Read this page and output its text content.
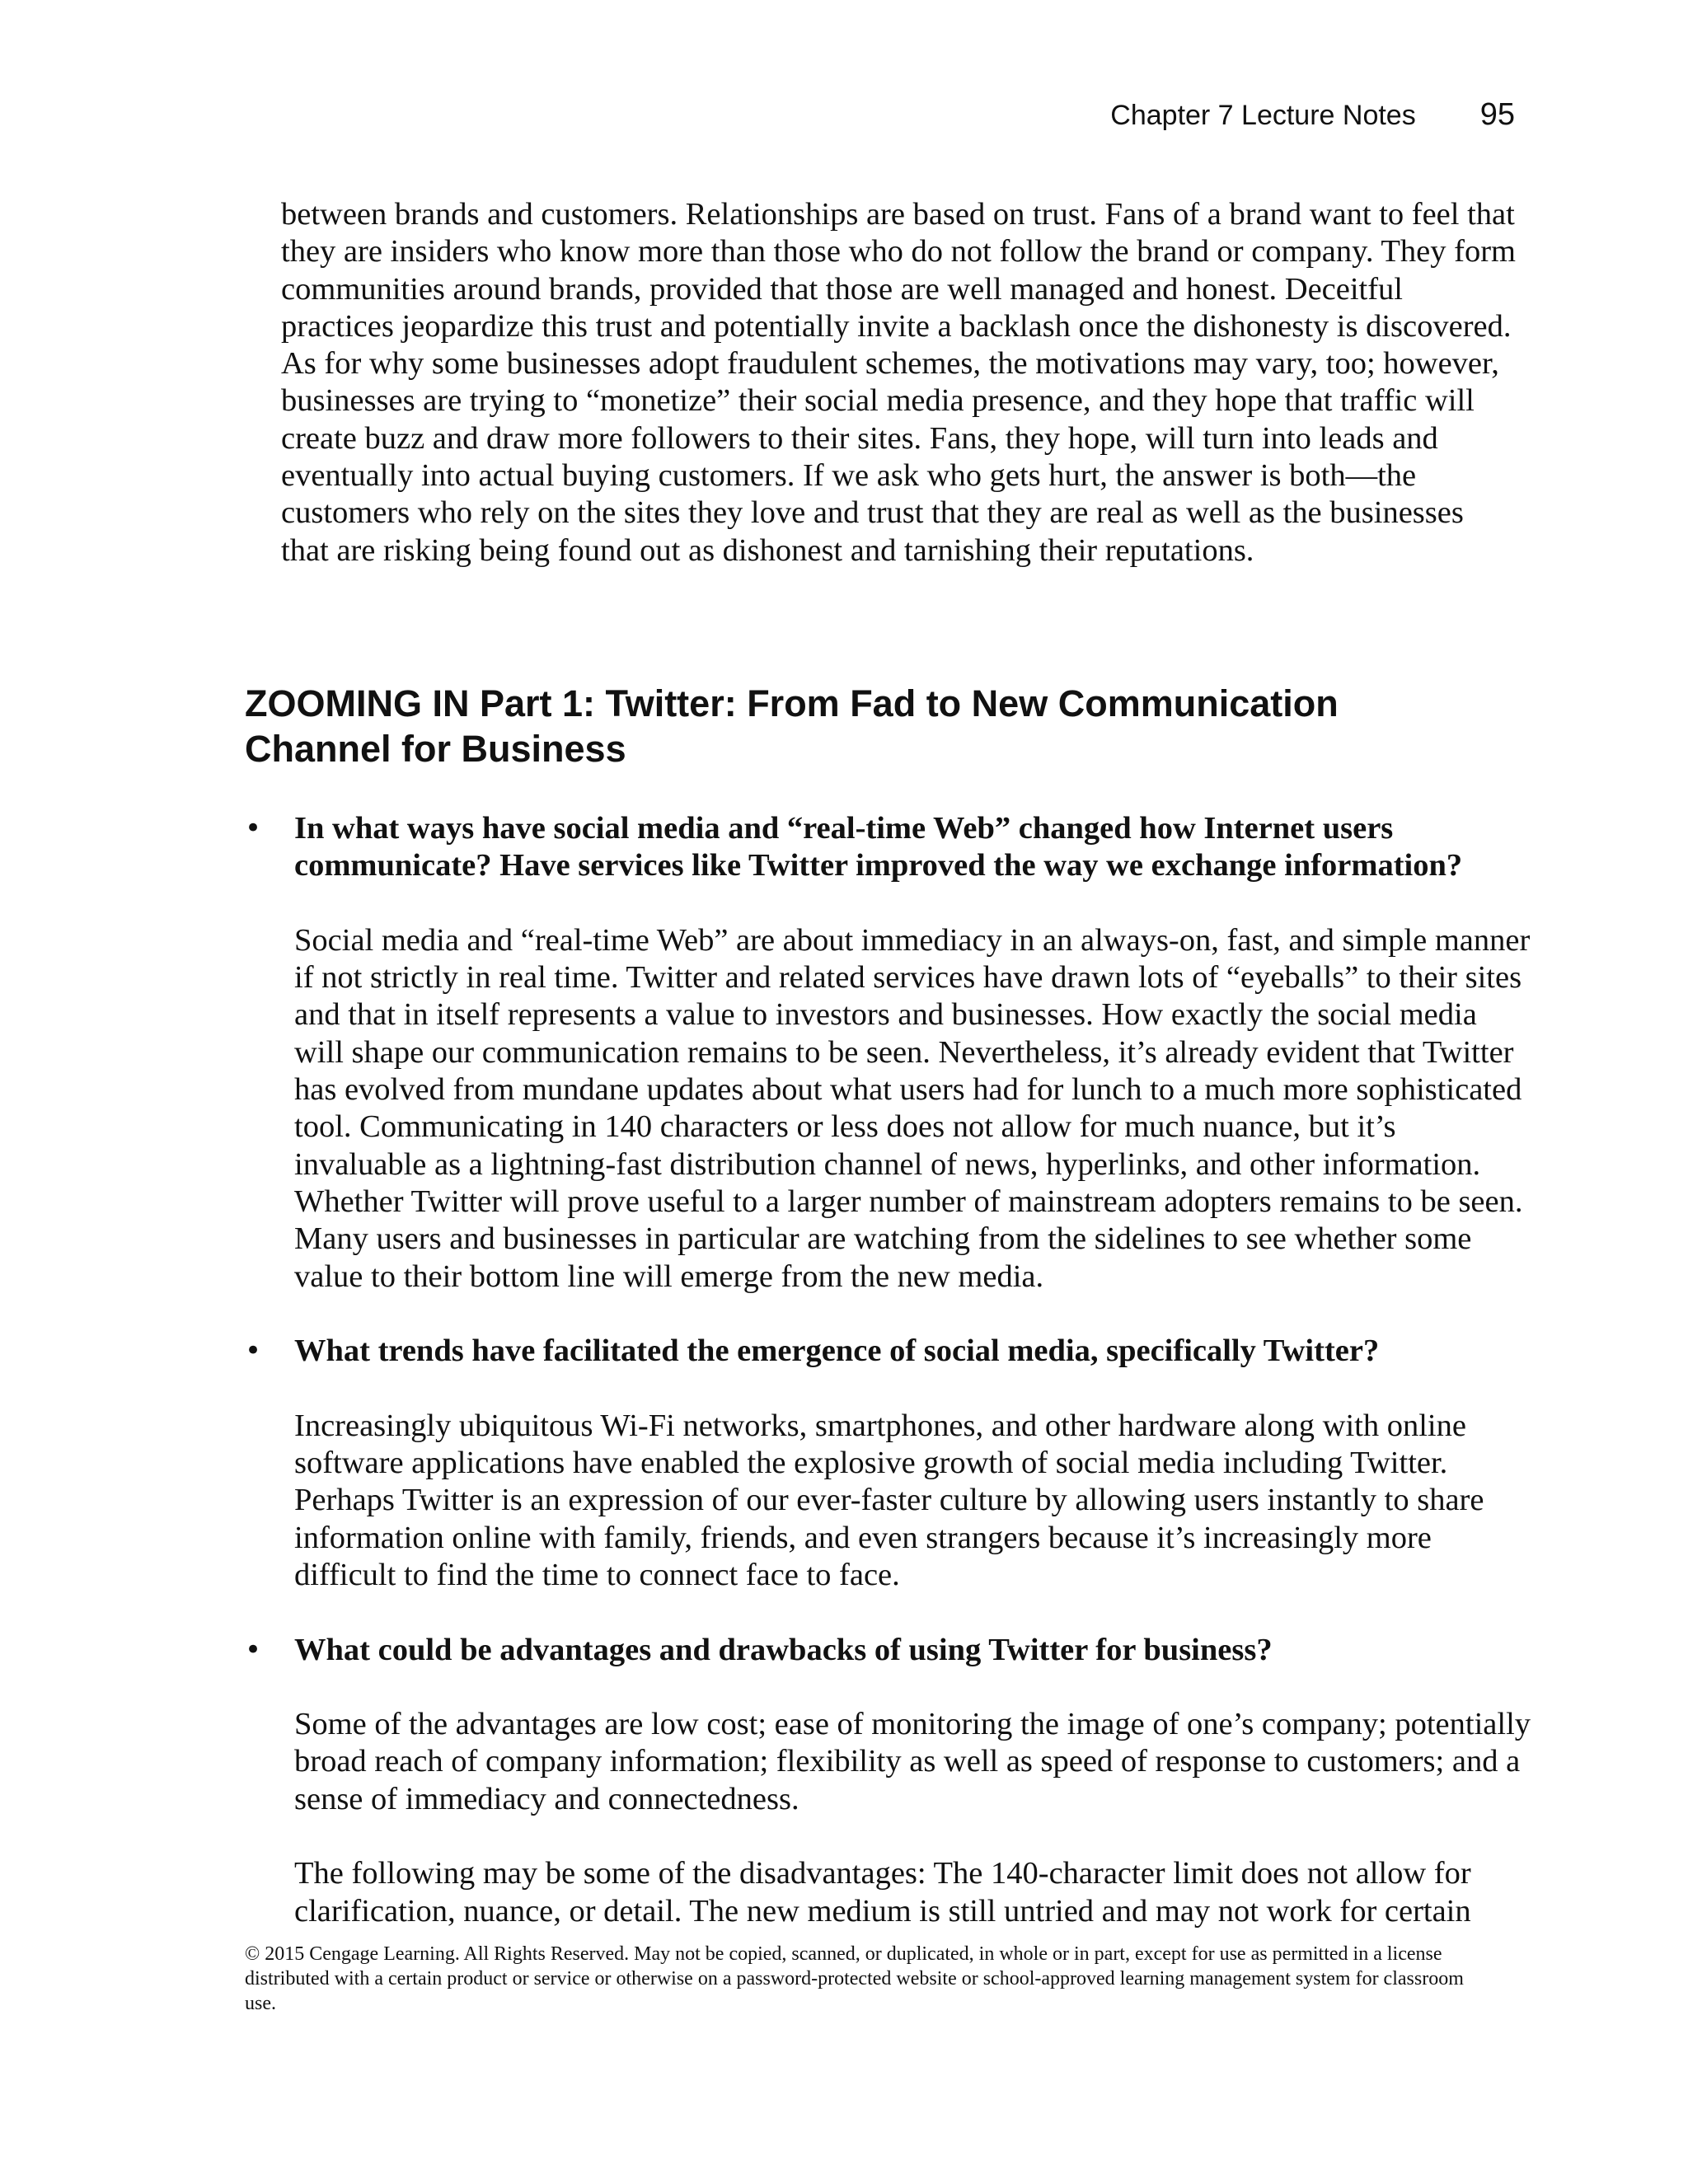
Chapter 7 Lecture Notes 95

between brands and customers. Relationships are based on trust. Fans of a brand want to feel that they are insiders who know more than those who do not follow the brand or company. They form communities around brands, provided that those are well managed and honest. Deceitful practices jeopardize this trust and potentially invite a backlash once the dishonesty is discovered. As for why some businesses adopt fraudulent schemes, the motivations may vary, too; however, businesses are trying to “monetize” their social media presence, and they hope that traffic will create buzz and draw more followers to their sites. Fans, they hope, will turn into leads and eventually into actual buying customers. If we ask who gets hurt, the answer is both—the customers who rely on the sites they love and trust that they are real as well as the businesses that are risking being found out as dishonest and tarnishing their reputations.

ZOOMING IN Part 1: Twitter: From Fad to New Communication Channel for Business
• In what ways have social media and “real-time Web” changed how Internet users communicate? Have services like Twitter improved the way we exchange information?

Social media and “real-time Web” are about immediacy in an always-on, fast, and simple manner if not strictly in real time. Twitter and related services have drawn lots of “eyeballs” to their sites and that in itself represents a value to investors and businesses. How exactly the social media will shape our communication remains to be seen. Nevertheless, it’s already evident that Twitter has evolved from mundane updates about what users had for lunch to a much more sophisticated tool. Communicating in 140 characters or less does not allow for much nuance, but it’s invaluable as a lightning-fast distribution channel of news, hyperlinks, and other information. Whether Twitter will prove useful to a larger number of mainstream adopters remains to be seen. Many users and businesses in particular are watching from the sidelines to see whether some value to their bottom line will emerge from the new media.

• What trends have facilitated the emergence of social media, specifically Twitter?

Increasingly ubiquitous Wi-Fi networks, smartphones, and other hardware along with online software applications have enabled the explosive growth of social media including Twitter. Perhaps Twitter is an expression of our ever-faster culture by allowing users instantly to share information online with family, friends, and even strangers because it’s increasingly more difficult to find the time to connect face to face.

• What could be advantages and drawbacks of using Twitter for business?

Some of the advantages are low cost; ease of monitoring the image of one’s company; potentially broad reach of company information; flexibility as well as speed of response to customers; and a sense of immediacy and connectedness.

The following may be some of the disadvantages: The 140-character limit does not allow for clarification, nuance, or detail. The new medium is still untried and may not work for certain

© 2015 Cengage Learning. All Rights Reserved. May not be copied, scanned, or duplicated, in whole or in part, except for use as permitted in a license distributed with a certain product or service or otherwise on a password-protected website or school-approved learning management system for classroom use.
